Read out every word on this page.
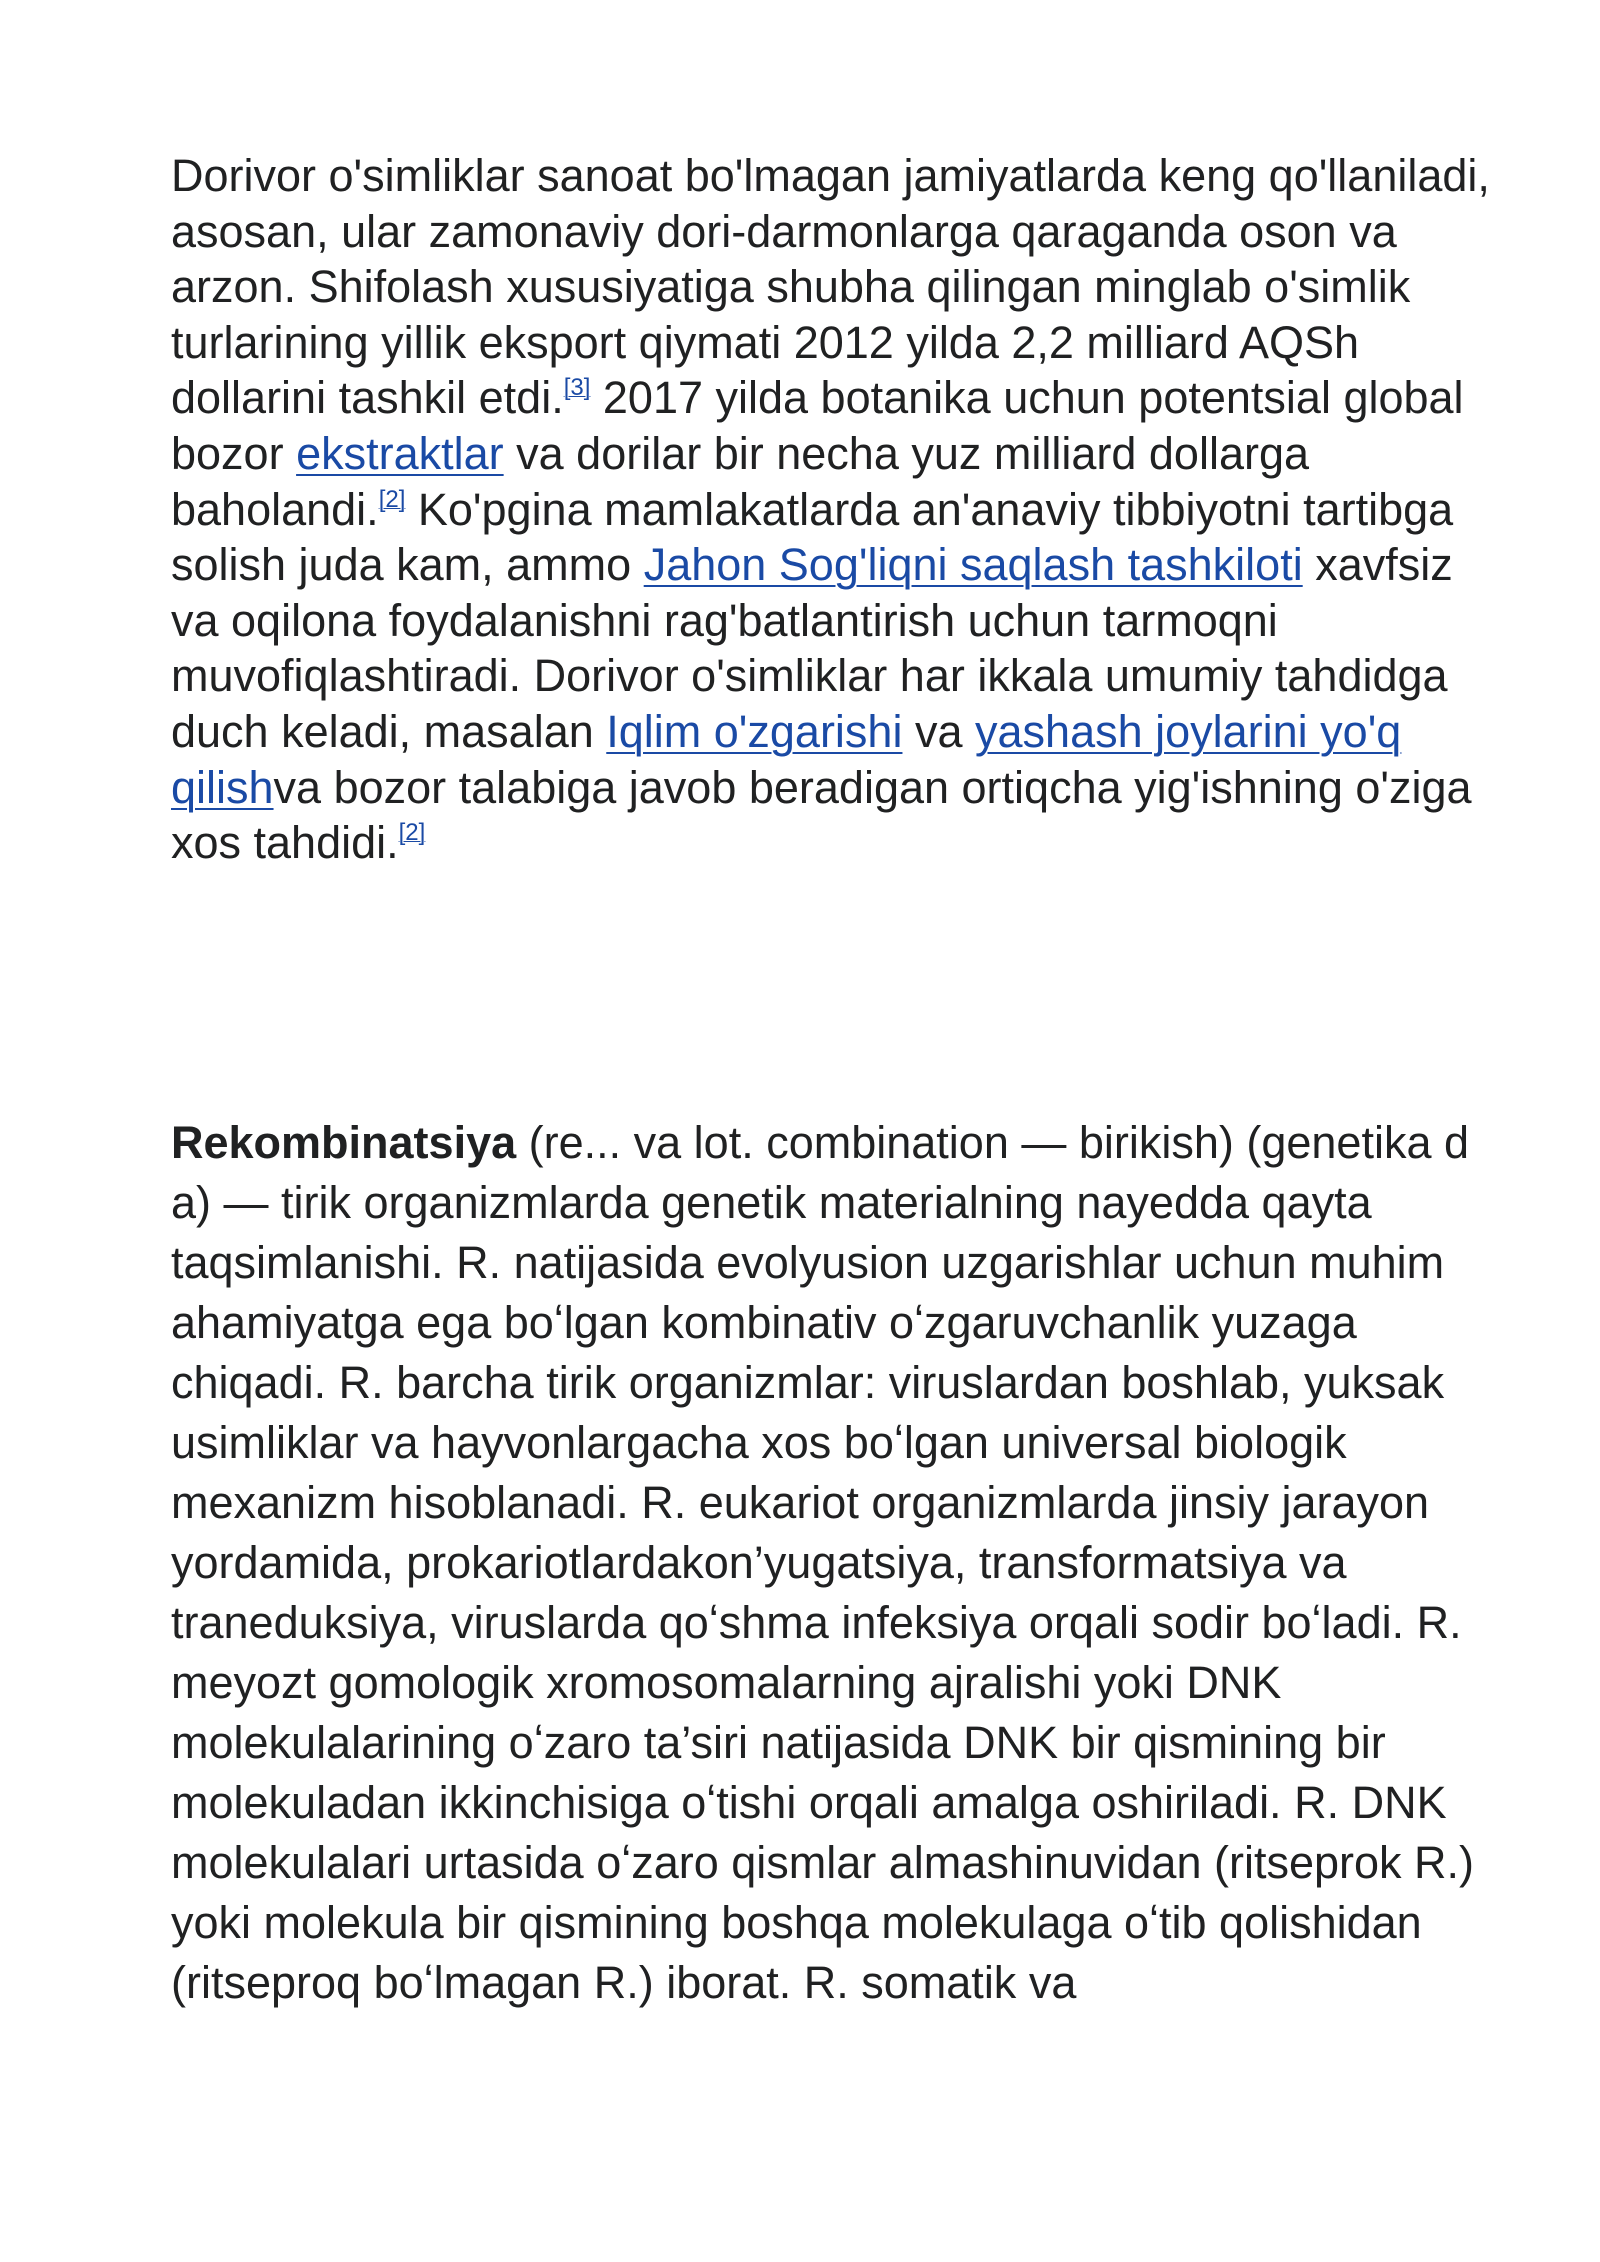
Dorivor o'simliklar sanoat bo'lmagan jamiyatlarda keng qo'llaniladi, asosan, ular zamonaviy dori-darmonlarga qaraganda oson va arzon. Shifolash xususiyatiga shubha qilingan minglab o'simlik turlarining yillik eksport qiymati 2012 yilda 2,2 milliard AQSh dollarini tashkil etdi.[3] 2017 yilda botanika uchun potentsial global bozor ekstraktlar va dorilar bir necha yuz milliard dollarga baholandi.[2] Ko'pgina mamlakatlarda an'anaviy tibbiyotni tartibga solish juda kam, ammo Jahon Sog'liqni saqlash tashkiloti xavfsiz va oqilona foydalanishni rag'batlantirish uchun tarmoqni muvofiqlashtiradi. Dorivor o'simliklar har ikkala umumiy tahdidga duch keladi, masalan Iqlim o'zgarishi va yashash joylarini yo'q qilishva bozor talabiga javob beradigan ortiqcha yig'ishning o'ziga xos tahdidi.[2]

Rekombinatsiya (re... va lot. combination — birikish) (genetika d a) — tirik organizmlarda genetik materialning nayedda qayta taqsimlanishi. R. natijasida evolyusion uzgarishlar uchun muhim ahamiyatga ega boʻlgan kombinativ oʻzgaruvchanlik yuzaga chiqadi. R. barcha tirik organizmlar: viruslardan boshlab, yuksak usimliklar va hayvonlargacha xos boʻlgan universal biologik mexanizm hisoblanadi. R. eukariot organizmlarda jinsiy jarayon yordamida, prokariotlardakon’yugatsiya, transformatsiya va traneduksiya, viruslarda qoʻshma infeksiya orqali sodir boʻladi. R. meyozt gomologik xromosomalarning ajralishi yoki DNK molekulalarining oʻzaro ta’siri natijasida DNK bir qismining bir molekuladan ikkinchisiga oʻtishi orqali amalga oshiriladi. R. DNK molekulalari urtasida oʻzaro qismlar almashinuvidan (ritseprok R.) yoki molekula bir qismining boshqa molekulaga oʻtib qolishidan (ritseproq boʻlmagan R.) iborat. R. somatik va
